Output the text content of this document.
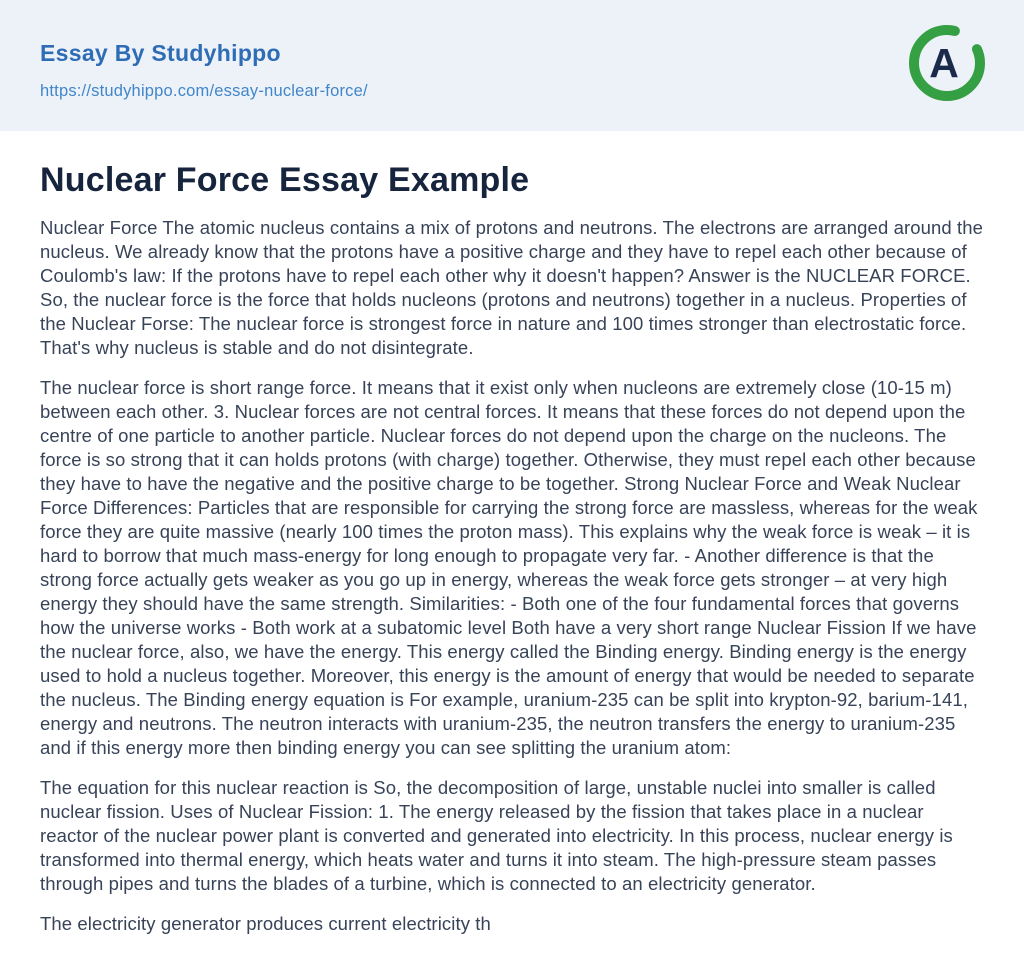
Essay By Studyhippo
https://studyhippo.com/essay-nuclear-force/
A
Nuclear Force Essay Example

Nuclear Force The atomic nucleus contains a mix of protons and neutrons. The electrons are arranged around the nucleus. We already know that the protons have a positive charge and they have to repel each other because of Coulomb's law: If the protons have to repel each other why it doesn't happen? Answer is the NUCLEAR FORCE. So, the nuclear force is the force that holds nucleons (protons and neutrons) together in a nucleus. Properties of the Nuclear Forse: The nuclear force is strongest force in nature and 100 times stronger than electrostatic force. That's why nucleus is stable and do not disintegrate.

The nuclear force is short range force. It means that it exist only when nucleons are extremely close (10-15 m) between each other. 3. Nuclear forces are not central forces. It means that these forces do not depend upon the centre of one particle to another particle. Nuclear forces do not depend upon the charge on the nucleons. The force is so strong that it can holds protons (with charge) together. Otherwise, they must repel each other because they have to have the negative and the positive charge to be together. Strong Nuclear Force and Weak Nuclear Force Differences: Particles that are responsible for carrying the strong force are massless, whereas for the weak force they are quite massive (nearly 100 times the proton mass). This explains why the weak force is weak – it is hard to borrow that much mass-energy for long enough to propagate very far. - Another difference is that the strong force actually gets weaker as you go up in energy, whereas the weak force gets stronger – at very high energy they should have the same strength. Similarities: - Both one of the four fundamental forces that governs how the universe works - Both work at a subatomic level Both have a very short range Nuclear Fission If we have the nuclear force, also, we have the energy. This energy called the Binding energy. Binding energy is the energy used to hold a nucleus together. Moreover, this energy is the amount of energy that would be needed to separate the nucleus. The Binding energy equation is For example, uranium-235 can be split into krypton-92, barium-141, energy and neutrons. The neutron interacts with uranium-235, the neutron transfers the energy to uranium-235 and if this energy more then binding energy you can see splitting the uranium atom:

The equation for this nuclear reaction is So, the decomposition of large, unstable nuclei into smaller is called nuclear fission. Uses of Nuclear Fission: 1. The energy released by the fission that takes place in a nuclear reactor of the nuclear power plant is converted and generated into electricity. In this process, nuclear energy is transformed into thermal energy, which heats water and turns it into steam. The high-pressure steam passes through pipes and turns the blades of a turbine, which is connected to an electricity generator.

The electricity generator produces current electricity th
